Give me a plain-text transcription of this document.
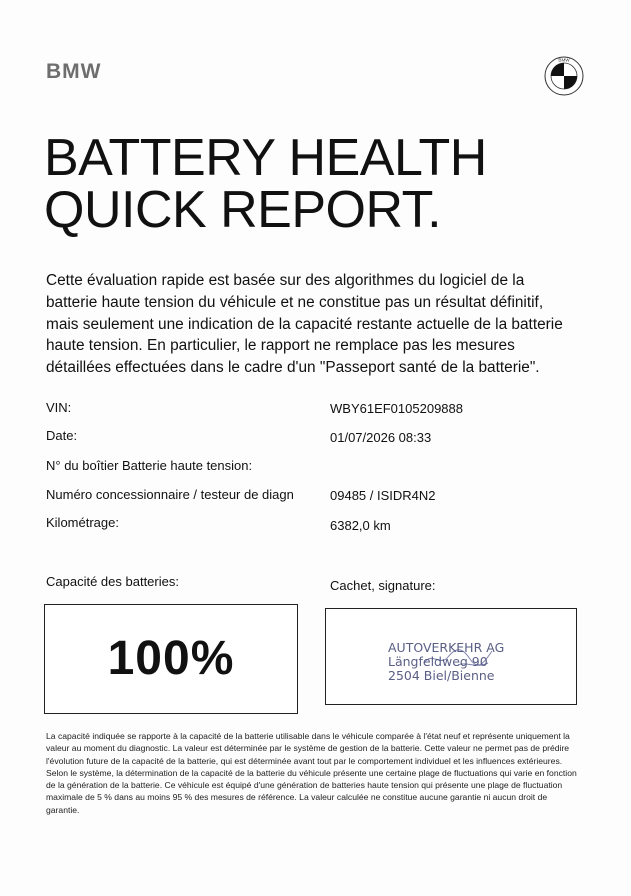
BMW	BMW
BATTERY HEALTH
QUICK REPORT.

Cette évaluation rapide est basée sur des algorithmes du logiciel de la batterie haute tension du véhicule et ne constitue pas un résultat définitif, mais seulement une indication de la capacité restante actuelle de la batterie haute tension. En particulier, le rapport ne remplace pas les mesures détaillées effectuées dans le cadre d'un "Passeport santé de la batterie".

VIN:	WBY61EF0105209888
Date:	01/07/2026 08:33
N° du boîtier Batterie haute tension:
Numéro concessionnaire / testeur de diagn	09485 / ISIDR4N2
Kilométrage:	6382,0 km
Capacité des batteries:	Cachet, signature:
100%	AUTOVERKEHR AG
Längfeldweg 90
2504 Biel/Bienne

La capacité indiquée se rapporte à la capacité de la batterie utilisable dans le véhicule comparée à l'état neuf et représente uniquement la valeur au moment du diagnostic. La valeur est déterminée par le système de gestion de la batterie. Cette valeur ne permet pas de prédire l'évolution future de la capacité de la batterie, qui est déterminée avant tout par le comportement individuel et les influences extérieures. Selon le système, la détermination de la capacité de la batterie du véhicule présente une certaine plage de fluctuations qui varie en fonction de la génération de la batterie. Ce véhicule est équipé d'une génération de batteries haute tension qui présente une plage de fluctuation maximale de 5 % dans au moins 95 % des mesures de référence. La valeur calculée ne constitue aucune garantie ni aucun droit de garantie.
